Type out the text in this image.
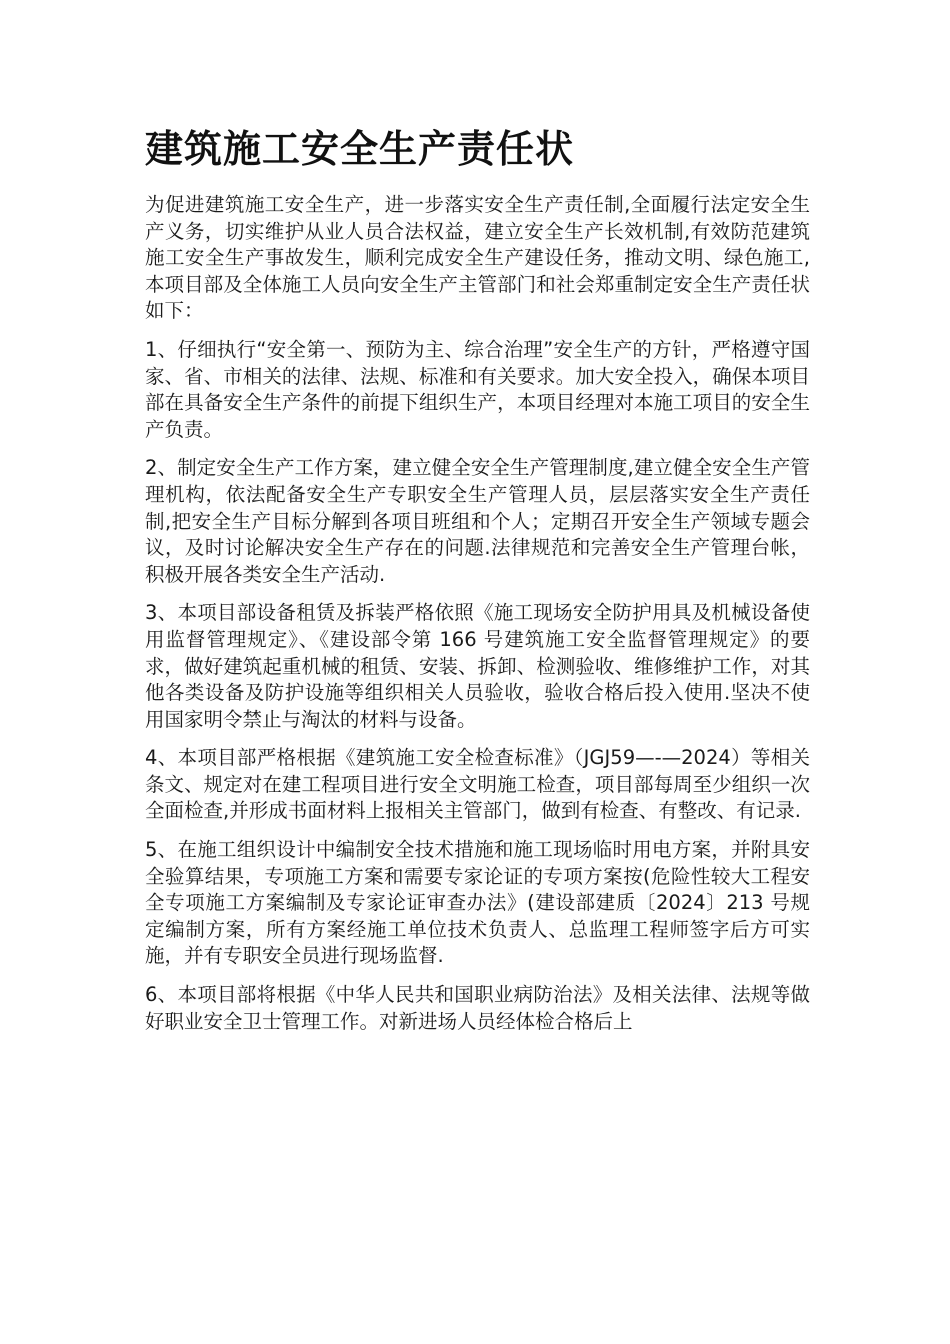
建筑施工安全生产责任状

为促进建筑施工安全生产，进一步落实安全生产责任制,全面履行法定安全生产义务，切实维护从业人员合法权益，建立安全生产长效机制,有效防范建筑施工安全生产事故发生，顺利完成安全生产建设任务，推动文明、绿色施工,本项目部及全体施工人员向安全生产主管部门和社会郑重制定安全生产责任状如下：

1、仔细执行“安全第一、预防为主、综合治理”安全生产的方针，严格遵守国家、省、市相关的法律、法规、标准和有关要求。加大安全投入，确保本项目部在具备安全生产条件的前提下组织生产，本项目经理对本施工项目的安全生产负责。

2、制定安全生产工作方案，建立健全安全生产管理制度,建立健全安全生产管理机构，依法配备安全生产专职安全生产管理人员，层层落实安全生产责任制,把安全生产目标分解到各项目班组和个人；定期召开安全生产领域专题会议，及时讨论解决安全生产存在的问题.法律规范和完善安全生产管理台帐，积极开展各类安全生产活动.

3、本项目部设备租赁及拆装严格依照《施工现场安全防护用具及机械设备使用监督管理规定》、《建设部令第 166 号建筑施工安全监督管理规定》的要求，做好建筑起重机械的租赁、安装、拆卸、检测验收、维修维护工作，对其他各类设备及防护设施等组织相关人员验收，验收合格后投入使用.坚决不使用国家明令禁止与淘汰的材料与设备。

4、本项目部严格根据《建筑施工安全检查标准》（JGJ59—-—2024）等相关条文、规定对在建工程项目进行安全文明施工检查，项目部每周至少组织一次全面检查,并形成书面材料上报相关主管部门，做到有检查、有整改、有记录.

5、在施工组织设计中编制安全技术措施和施工现场临时用电方案，并附具安全验算结果，专项施工方案和需要专家论证的专项方案按(危险性较大工程安全专项施工方案编制及专家论证审查办法》(建设部建质〔2024〕213 号规定编制方案，所有方案经施工单位技术负责人、总监理工程师签字后方可实施，并有专职安全员进行现场监督.

6、本项目部将根据《中华人民共和国职业病防治法》及相关法律、法规等做好职业安全卫士管理工作。对新进场人员经体检合格后上
